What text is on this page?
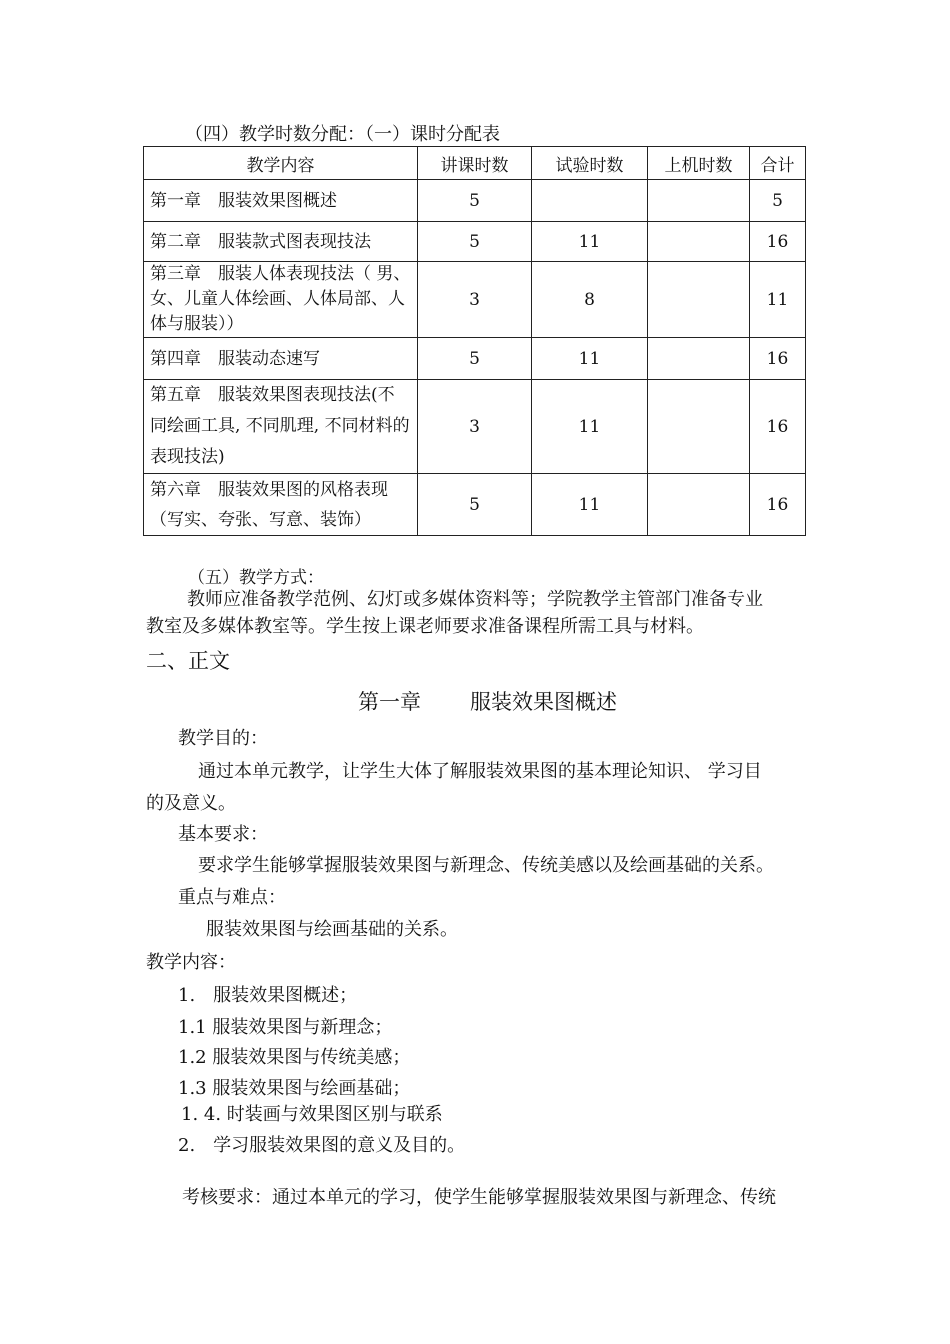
（四）教学时数分配：（一）课时分配表
教学内容	讲课时数	试验时数	上机时数	合计
第一章　服装效果图概述	5			5
第二章　服装款式图表现技法	5	11		16
第三章　服装人体表现技法（ 男、女、儿童人体绘画、人体局部、人体与服装））	3	8		11
第四章　服装动态速写	5	11		16
第五章　服装效果图表现技法(不同绘画工具, 不同肌理, 不同材料的表现技法)	3	11		16
第六章　服装效果图的风格表现（写实、夸张、写意、装饰）	5	11		16
（五）教学方式：
教师应准备教学范例、幻灯或多媒体资料等；学院教学主管部门准备专业
教室及多媒体教室等。学生按上课老师要求准备课程所需工具与材料。
二、正文
第一章 服装效果图概述
教学目的：
通过本单元教学，让学生大体了解服装效果图的基本理论知识、 学习目
的及意义。
基本要求：
要求学生能够掌握服装效果图与新理念、传统美感以及绘画基础的关系。
重点与难点：
服装效果图与绘画基础的关系。
教学内容：
1.　服装效果图概述；
1.1 服装效果图与新理念；
1.2 服装效果图与传统美感；
1.3 服装效果图与绘画基础；
1. 4. 时装画与效果图区别与联系
2.　学习服装效果图的意义及目的。
考核要求：通过本单元的学习，使学生能够掌握服装效果图与新理念、传统
